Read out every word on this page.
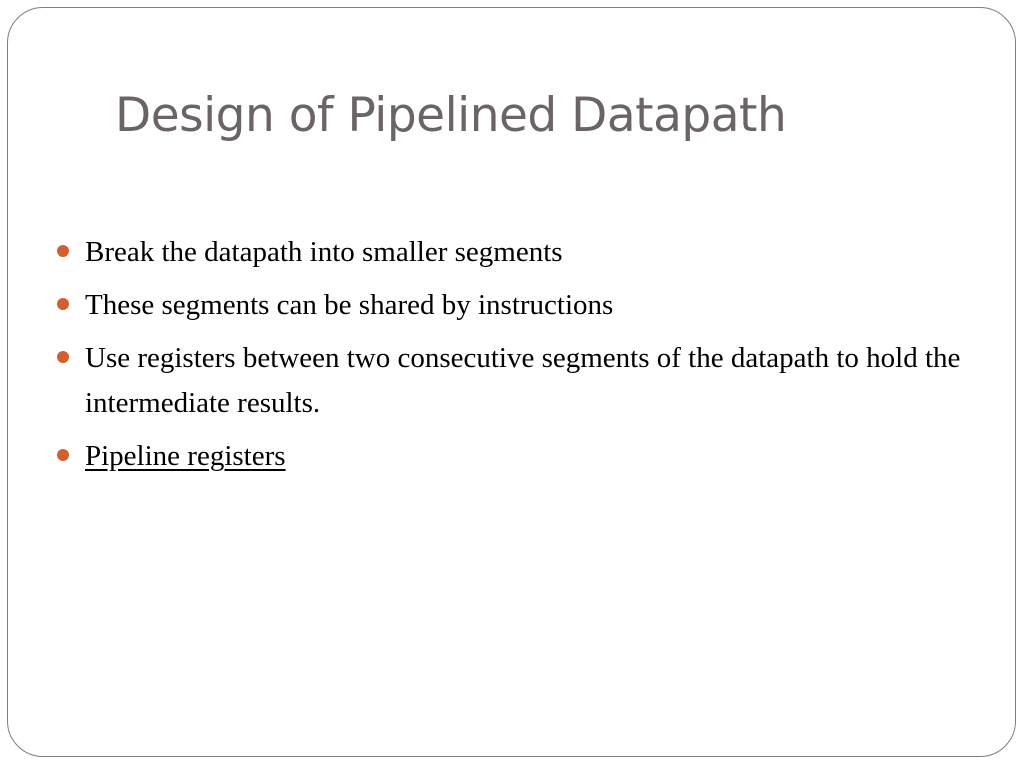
Design of Pipelined Datapath
Break the datapath into smaller segments
These segments can be shared by instructions
Use registers between two consecutive segments of the datapath to hold the intermediate results.
Pipeline registers
